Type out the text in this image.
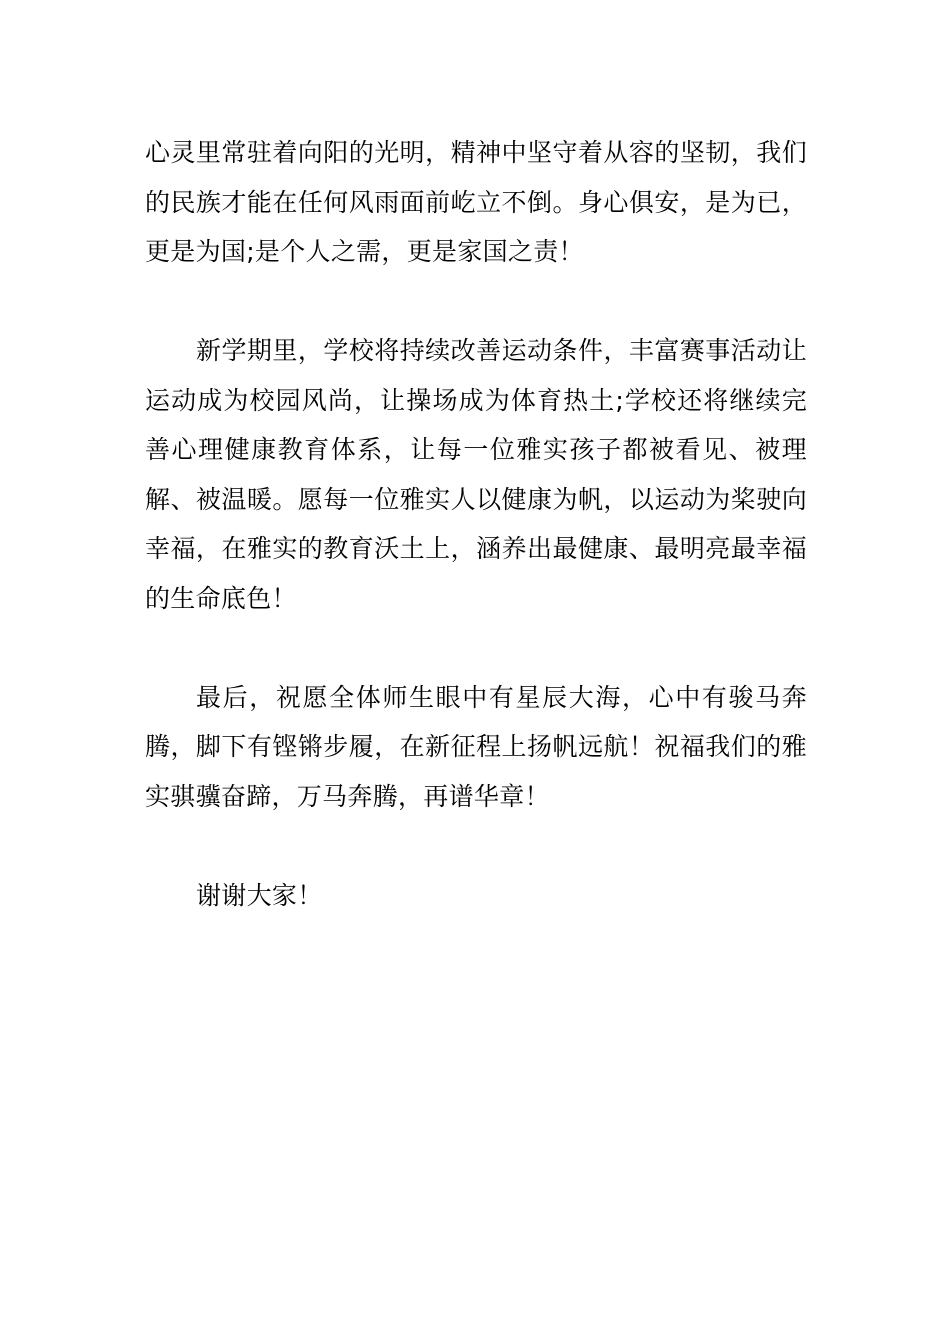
心灵里常驻着向阳的光明，精神中坚守着从容的坚韧，我们的民族才能在任何风雨面前屹立不倒。身心俱安，是为已，更是为国;是个人之需，更是家国之责！

新学期里，学校将持续改善运动条件，丰富赛事活动让运动成为校园风尚，让操场成为体育热土;学校还将继续完善心理健康教育体系，让每一位雅实孩子都被看见、被理解、被温暖。愿每一位雅实人以健康为帆，以运动为桨驶向幸福，在雅实的教育沃土上，涵养出最健康、最明亮最幸福的生命底色！

最后，祝愿全体师生眼中有星辰大海，心中有骏马奔腾，脚下有铿锵步履，在新征程上扬帆远航！祝福我们的雅实骐骥奋蹄，万马奔腾，再谱华章！

谢谢大家！
